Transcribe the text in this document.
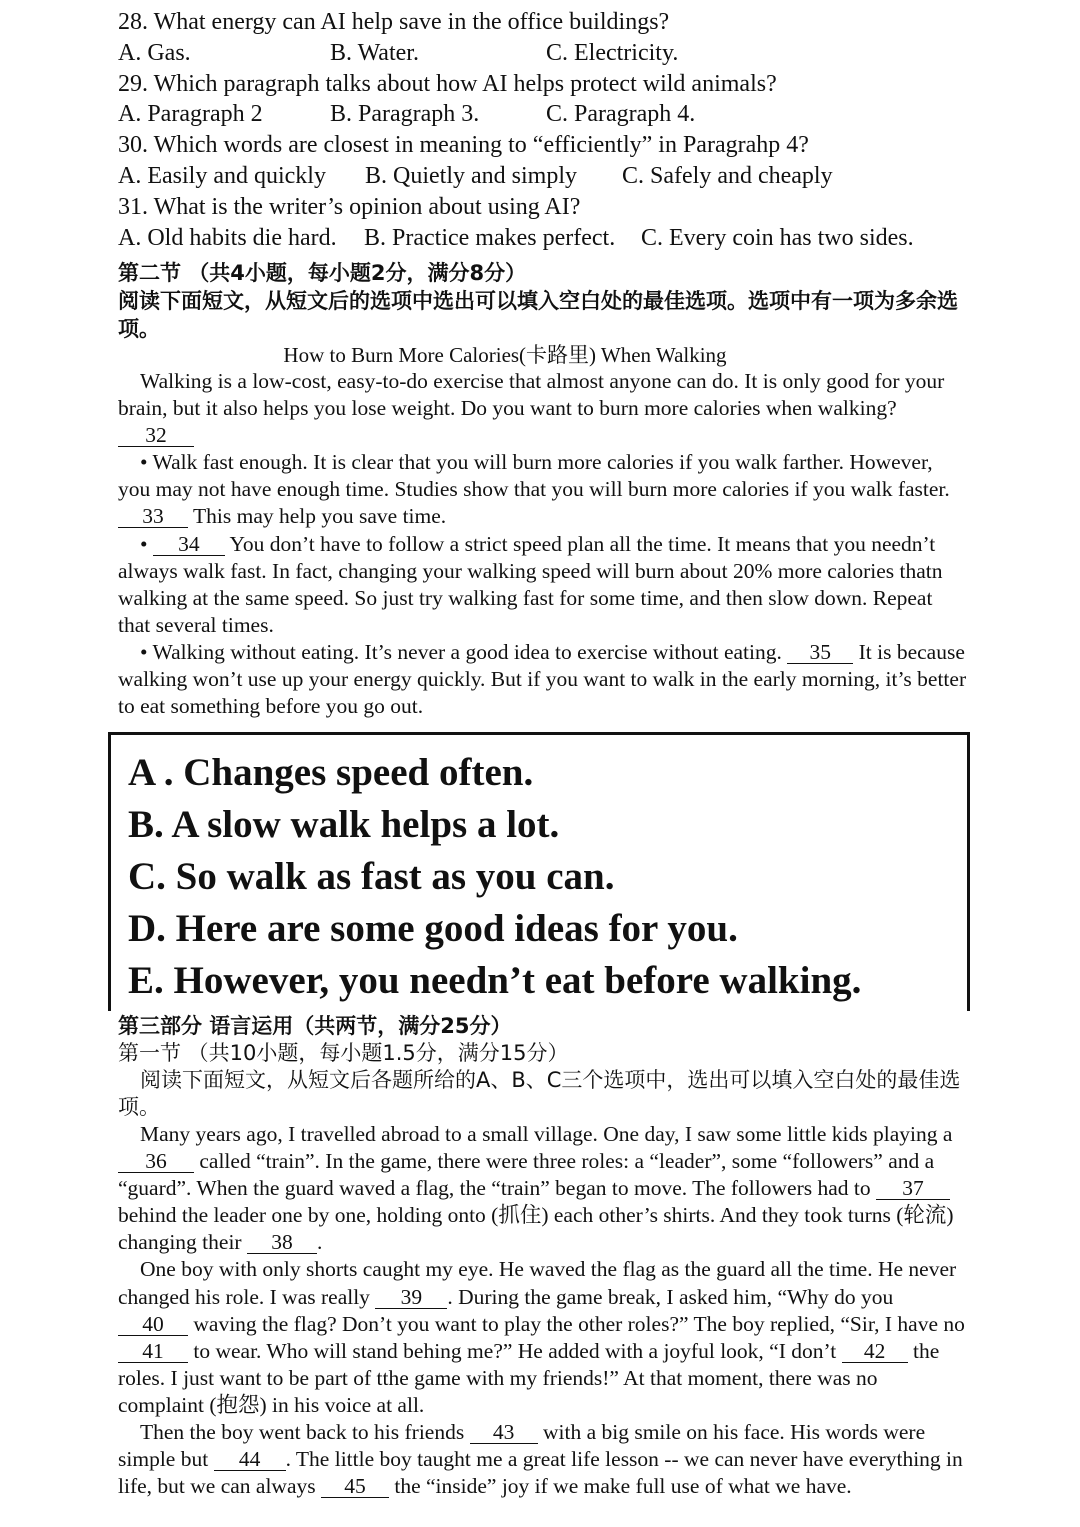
28. What energy can AI help save in the office buildings?
A. Gas.	B. Water.	C. Electricity.
29. Which paragraph talks about how AI helps protect wild animals?
A. Paragraph 2	B. Paragraph 3.	C. Paragraph 4.
30. Which words are closest in meaning to “efficiently” in Paragrahp 4?
A. Easily and quickly	B. Quietly and simply	C. Safely and cheaply
31. What is the writer’s opinion about using AI?
A. Old habits die hard.	B. Practice makes perfect.	C. Every coin has two sides.
第二节 （共4小题，每小题2分，满分8分）
阅读下面短文，从短文后的选项中选出可以填入空白处的最佳选项。选项中有一项为多余选项。
How to Burn More Calories(卡路里) When Walking

Walking is a low-cost, easy-to-do exercise that almost anyone can do. It is only good for your brain, but it also helps you lose weight. Do you want to burn more calories when walking? 32

• Walk fast enough. It is clear that you will burn more calories if you walk farther. However, you may not have enough time. Studies show that you will burn more calories if you walk faster. 33 This may help you save time.

• 34 You don’t have to follow a strict speed plan all the time. It means that you needn’t always walk fast. In fact, changing your walking speed will burn about 20% more calories thatn walking at the same speed. So just try walking fast for some time, and then slow down. Repeat that several times.

• Walking without eating. It’s never a good idea to exercise without eating. 35 It is because walking won’t use up your energy quickly. But if you want to walk in the early morning, it’s better to eat something before you go out.

A . Changes speed often.
B. A slow walk helps a lot.
C. So walk as fast as you can.
D. Here are some good ideas for you.
E. However, you needn’t eat before walking.
第三部分 语言运用（共两节，满分25分）
第一节 （共10小题，每小题1.5分，满分15分）
阅读下面短文，从短文后各题所给的A、B、C三个选项中，选出可以填入空白处的最佳选项。

Many years ago, I travelled abroad to a small village. One day, I saw some little kids playing a 36 called “train”. In the game, there were three roles: a “leader”, some “followers” and a “guard”. When the guard waved a flag, the “train” began to move. The followers had to 37 behind the leader one by one, holding onto (抓住) each other’s shirts. And they took turns (轮流) changing their 38 .

One boy with only shorts caught my eye. He waved the flag as the guard all the time. He never changed his role. I was really 39 . During the game break, I asked him, “Why do you 40 waving the flag? Don’t you want to play the other roles?” The boy replied, “Sir, I have no 41 to wear. Who will stand behing me?” He added with a joyful look, “I don’t 42 the roles. I just want to be part of tthe game with my friends!” At that moment, there was no complaint (抱怨) in his voice at all.

Then the boy went back to his friends 43 with a big smile on his face. His words were simple but 44 . The little boy taught me a great life lesson -- we can never have everything in life, but we can always 45 the “inside” joy if we make full use of what we have.
